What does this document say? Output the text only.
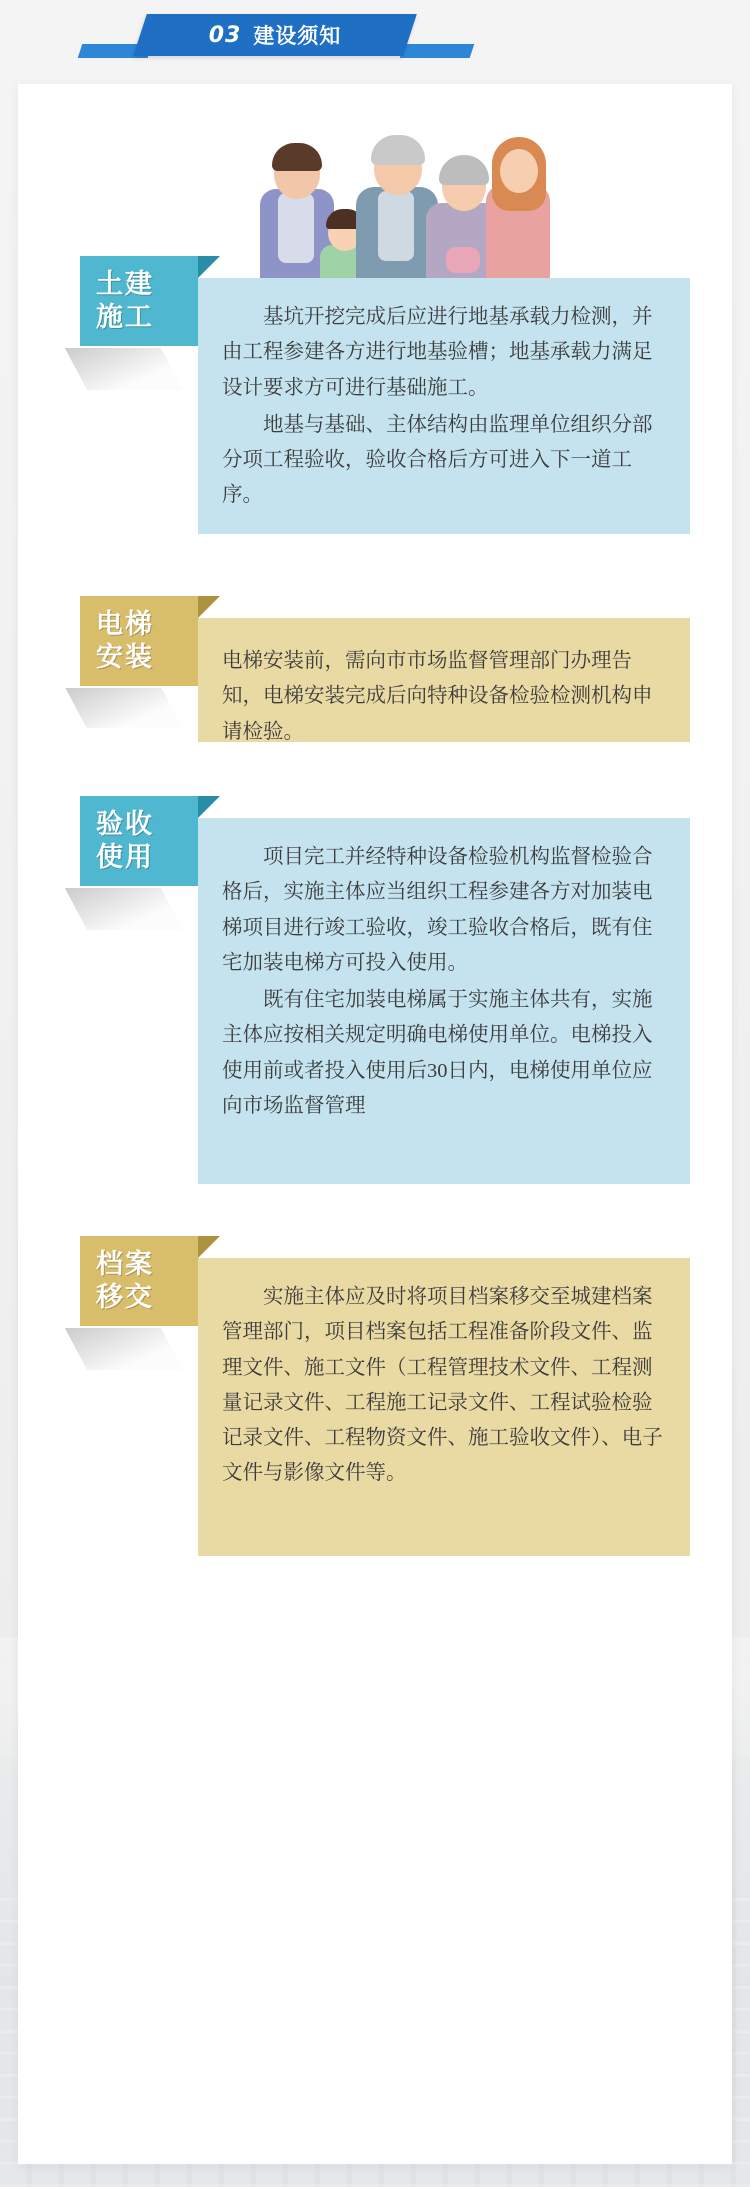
03 建设须知
土建
施工	基坑开挖完成后应进行地基承载力检测，并由工程参建各方进行地基验槽；地基承载力满足设计要求方可进行基础施工。

地基与基础、主体结构由监理单位组织分部分项工程验收，验收合格后方可进入下一道工序。

电梯
安装	电梯安装前，需向市市场监督管理部门办理告知，电梯安装完成后向特种设备检验检测机构申请检验。

验收
使用	项目完工并经特种设备检验机构监督检验合格后，实施主体应当组织工程参建各方对加装电梯项目进行竣工验收，竣工验收合格后，既有住宅加装电梯方可投入使用。

既有住宅加装电梯属于实施主体共有，实施主体应按相关规定明确电梯使用单位。电梯投入使用前或者投入使用后30日内，电梯使用单位应向市场监督管理

档案
移交	实施主体应及时将项目档案移交至城建档案管理部门，项目档案包括工程准备阶段文件、监理文件、施工文件（工程管理技术文件、工程测量记录文件、工程施工记录文件、工程试验检验记录文件、工程物资文件、施工验收文件）、电子文件与影像文件等。
